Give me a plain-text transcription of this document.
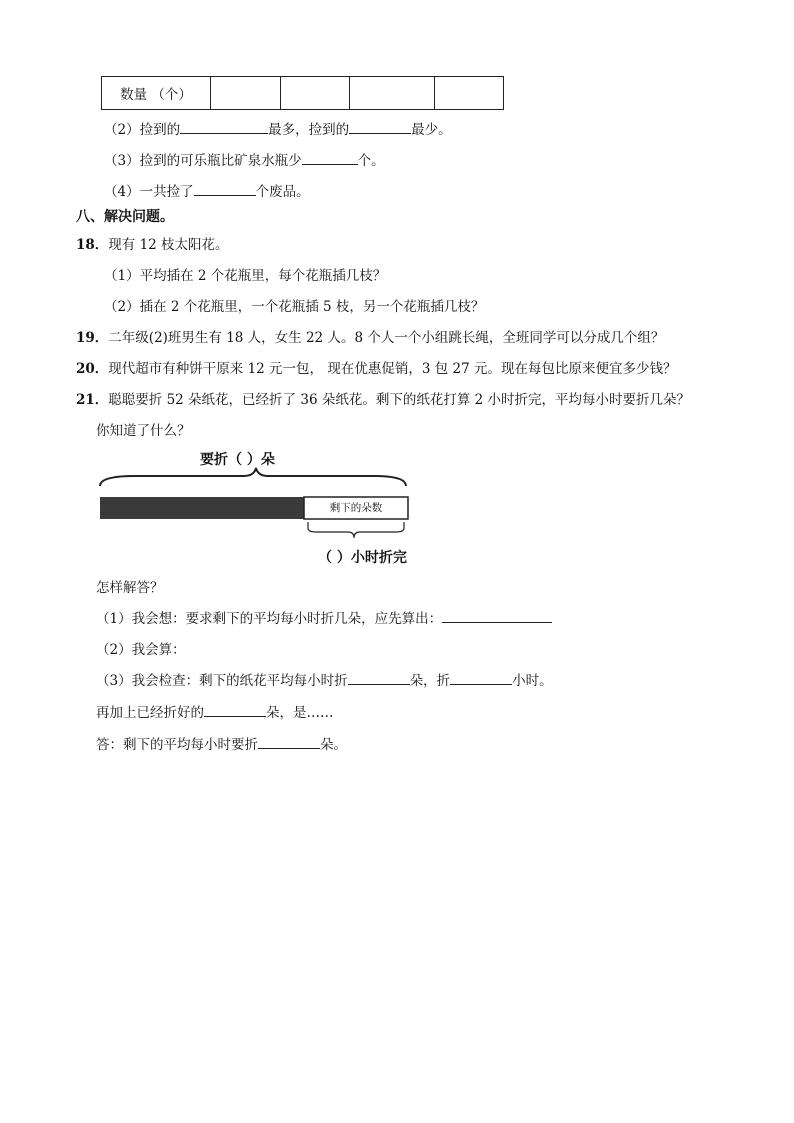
数量 （个）				
（2）捡到的	最多，捡到的	最少。
（3）捡到的可乐瓶比矿泉水瓶少	个。
（4）一共捡了	个废品。
八、解决问题。
18．现有 12 枝太阳花。
（1）平均插在 2 个花瓶里，每个花瓶插几枝？
（2）插在 2 个花瓶里，一个花瓶插 5 枝，另一个花瓶插几枝？
19．二年级(2)班男生有 18 人，女生 22 人。8 个人一个小组跳长绳，全班同学可以分成几个组？
20．现代超市有种饼干原来 12 元一包， 现在优惠促销，3 包 27 元。现在每包比原来便宜多少钱？
21．聪聪要折 52 朵纸花，已经折了 36 朵纸花。剩下的纸花打算 2 小时折完，平均每小时要折几朵？
你知道了什么？
要折（ ）朵
剩下的朵数
（ ）小时折完
怎样解答？
（1）我会想：要求剩下的平均每小时折几朵，应先算出：
（2）我会算：
（3）我会检查：剩下的纸花平均每小时折	朵，折	小时。
再加上已经折好的	朵，是……
答：剩下的平均每小时要折	朵。
